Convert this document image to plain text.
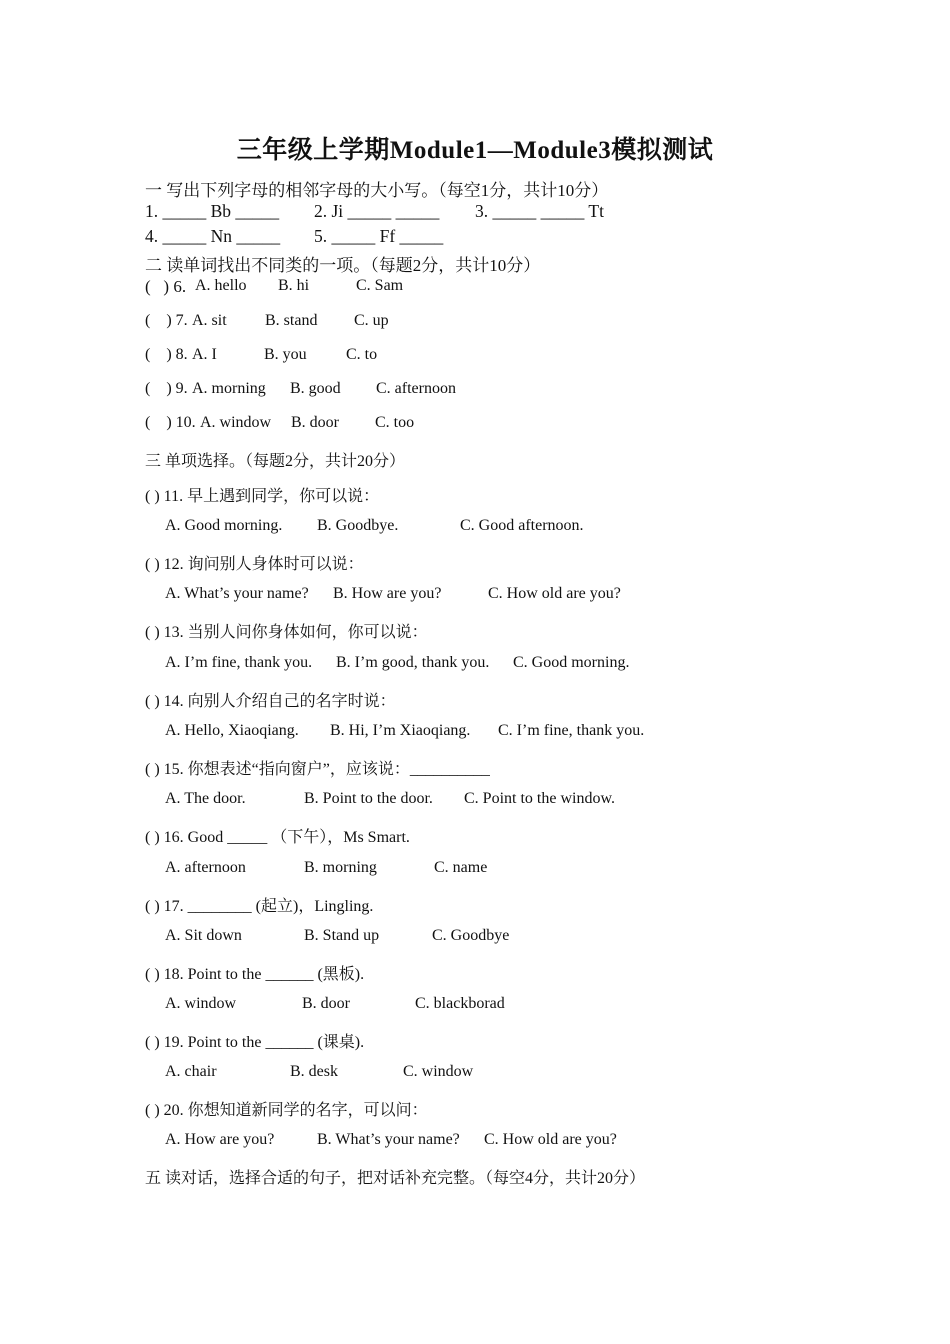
三年级上学期Module1—Module3模拟测试
一 写出下列字母的相邻字母的大小写。（每空1分，共计10分）
1. _____ Bb _____ 2. Ji _____ _____ 3. _____ _____ Tt
4. _____ Nn _____ 5. _____ Ff _____
二 读单词找出不同类的一项。（每题2分，共计10分）
(   ) 6. A. hello B. hi	C. Sam
(    ) 7. A. sit B. stand C. up
(    ) 8. A. I	B. you C. to
(    ) 9. A. morning B. good C. afternoon
(    ) 10. A. window B. door C. too
三 单项选择。（每题2分，共计20分）
( ) 11. 早上遇到同学，你可以说：
A. Good morning. B. Goodbye.	C. Good afternoon.
( ) 12. 询问别人身体时可以说：
A. What’s your name? B. How are you?	C. How old are you?
( ) 13. 当别人问你身体如何，你可以说：
A. I’m fine, thank you. B. I’m good, thank you. C. Good morning.
( ) 14. 向别人介绍自己的名字时说：
A. Hello, Xiaoqiang. B. Hi, I’m Xiaoqiang. C. I’m fine, thank you.
( ) 15. 你想表述“指向窗户”，应该说：__________
A. The door.	B. Point to the door. C. Point to the window.
( ) 16. Good _____ （下午），Ms Smart.
A. afternoon	B. morning	C. name
( ) 17. ________ (起立)，Lingling.
A. Sit down	B. Stand up	C. Goodbye
( ) 18. Point to the ______ (黑板).
A. window	B. door	C. blackborad
( ) 19. Point to the ______ (课桌).
A. chair	B. desk	C. window
( ) 20. 你想知道新同学的名字，可以问：
A. How are you?	B. What’s your name? C. How old are you?
五 读对话，选择合适的句子，把对话补充完整。（每空4分，共计20分）
